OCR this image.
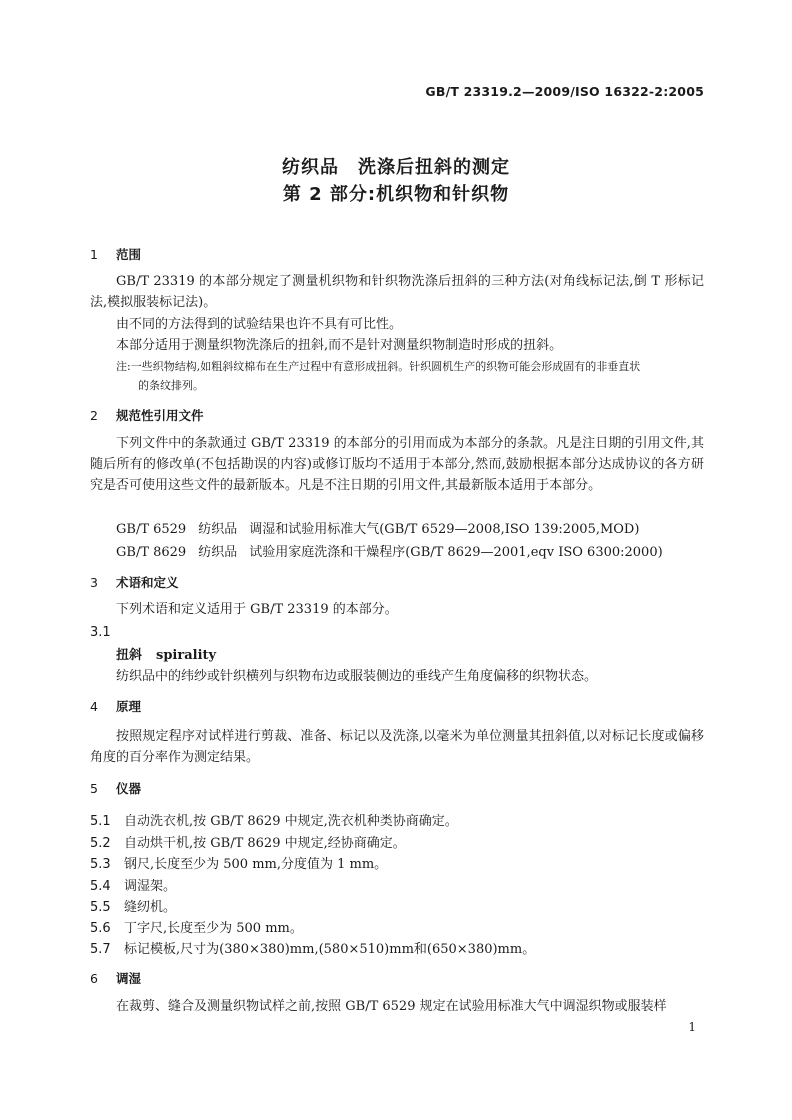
GB/T 23319.2—2009/ISO 16322-2:2005
纺织品　洗涤后扭斜的测定
第 2 部分:机织物和针织物
1 范围
GB/T 23319 的本部分规定了测量机织物和针织物洗涤后扭斜的三种方法(对角线标记法,倒 T 形标记法,模拟服装标记法)。
由不同的方法得到的试验结果也许不具有可比性。
本部分适用于测量织物洗涤后的扭斜,而不是针对测量织物制造时形成的扭斜。
注:一些织物结构,如粗斜纹棉布在生产过程中有意形成扭斜。针织圆机生产的织物可能会形成固有的非垂直状
的条纹排列。
2 规范性引用文件
下列文件中的条款通过 GB/T 23319 的本部分的引用而成为本部分的条款。凡是注日期的引用文件,其随后所有的修改单(不包括勘误的内容)或修订版均不适用于本部分,然而,鼓励根据本部分达成协议的各方研究是否可使用这些文件的最新版本。凡是不注日期的引用文件,其最新版本适用于本部分。
GB/T 6529 纺织品 调湿和试验用标准大气(GB/T 6529—2008,ISO 139:2005,MOD)
GB/T 8629 纺织品 试验用家庭洗涤和干燥程序(GB/T 8629—2001,eqv ISO 6300:2000)
3 术语和定义
下列术语和定义适用于 GB/T 23319 的本部分。
3.1
扭斜 spirality
纺织品中的纬纱或针织横列与织物布边或服装侧边的垂线产生角度偏移的织物状态。
4 原理
按照规定程序对试样进行剪裁、准备、标记以及洗涤,以毫米为单位测量其扭斜值,以对标记长度或偏移角度的百分率作为测定结果。
5 仪器
5.1 自动洗衣机,按 GB/T 8629 中规定,洗衣机种类协商确定。
5.2 自动烘干机,按 GB/T 8629 中规定,经协商确定。
5.3 钢尺,长度至少为 500 mm,分度值为 1 mm。
5.4 调湿架。
5.5 缝纫机。
5.6 丁字尺,长度至少为 500 mm。
5.7 标记模板,尺寸为(380×380)mm,(580×510)mm和(650×380)mm。
6 调湿
在裁剪、缝合及测量织物试样之前,按照 GB/T 6529 规定在试验用标准大气中调湿织物或服装样
1
